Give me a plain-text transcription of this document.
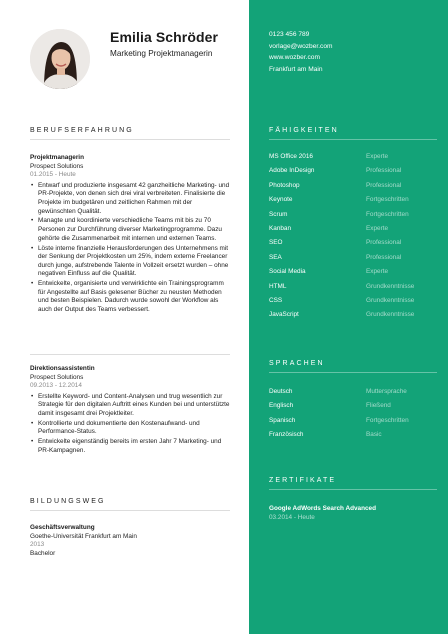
Emilia Schröder
Marketing Projektmanagerin
BERUFSERFAHRUNG
Projektmanagerin
Prospect Solutions
01.2015 - Heute
• Entwarf und produzierte insgesamt 42 ganzheitliche Marketing- und PR-Projekte, von denen sich drei viral verbreiteten. Finalisierte die Projekte im budgetären und zeitlichen Rahmen mit der gewünschten Qualität.
• Managte und koordinierte verschiedliche Teams mit bis zu 70 Personen zur Durchführung diverser Marketingprogramme. Dazu gehörte die Zusammenarbeit mit internen und externen Teams.
• Löste interne finanzielle Herausforderungen des Unternehmens mit der Senkung der Projektkosten um 25%, indem externe Freelancer durch junge, aufstrebende Talente in Vollzeit ersetzt wurden – ohne negativen Einfluss auf die Qualität.
• Entwickelte, organisierte und verwirklichte ein Trainingsprogramm für Angestellte auf Basis gelesener Bücher zu neusten Methoden und besten Beispielen. Dadurch wurde sowohl der Workflow als auch der Output des Teams verbessert.
Direktionsassistentin
Prospect Solutions
09.2013 - 12.2014
• Erstellte Keyword- und Content-Analysen und trug wesentlich zur Strategie für den digitalen Auftritt eines Kunden bei und unterstützte damit insgesamt drei Projektleiter.
• Kontrollierte und dokumentierte den Kostenaufwand- und Performance-Status.
• Entwickelte eigenständig bereits im ersten Jahr 7 Marketing- und PR-Kampagnen.
BILDUNGSWEG
Geschäftsverwaltung
Goethe-Universität Frankfurt am Main
2013
Bachelor
0123 456 789
vorlage@wozber.com
www.wozber.com
Frankfurt am Main
FÄHIGKEITEN
MS Office 2016	Experte
Adobe InDesign	Professional
Photoshop	Professional
Keynote	Fortgeschritten
Scrum	Fortgeschritten
Kanban	Experte
SEO	Professional
SEA	Professional
Social Media	Experte
HTML	Grundkenntnisse
CSS	Grundkenntnisse
JavaScript	Grundkenntnisse
SPRACHEN
Deutsch	Muttersprache
Englisch	Fließend
Spanisch	Fortgeschritten
Französisch	Basic
ZERTIFIKATE
Google AdWords Search Advanced
03.2014 - Heute
